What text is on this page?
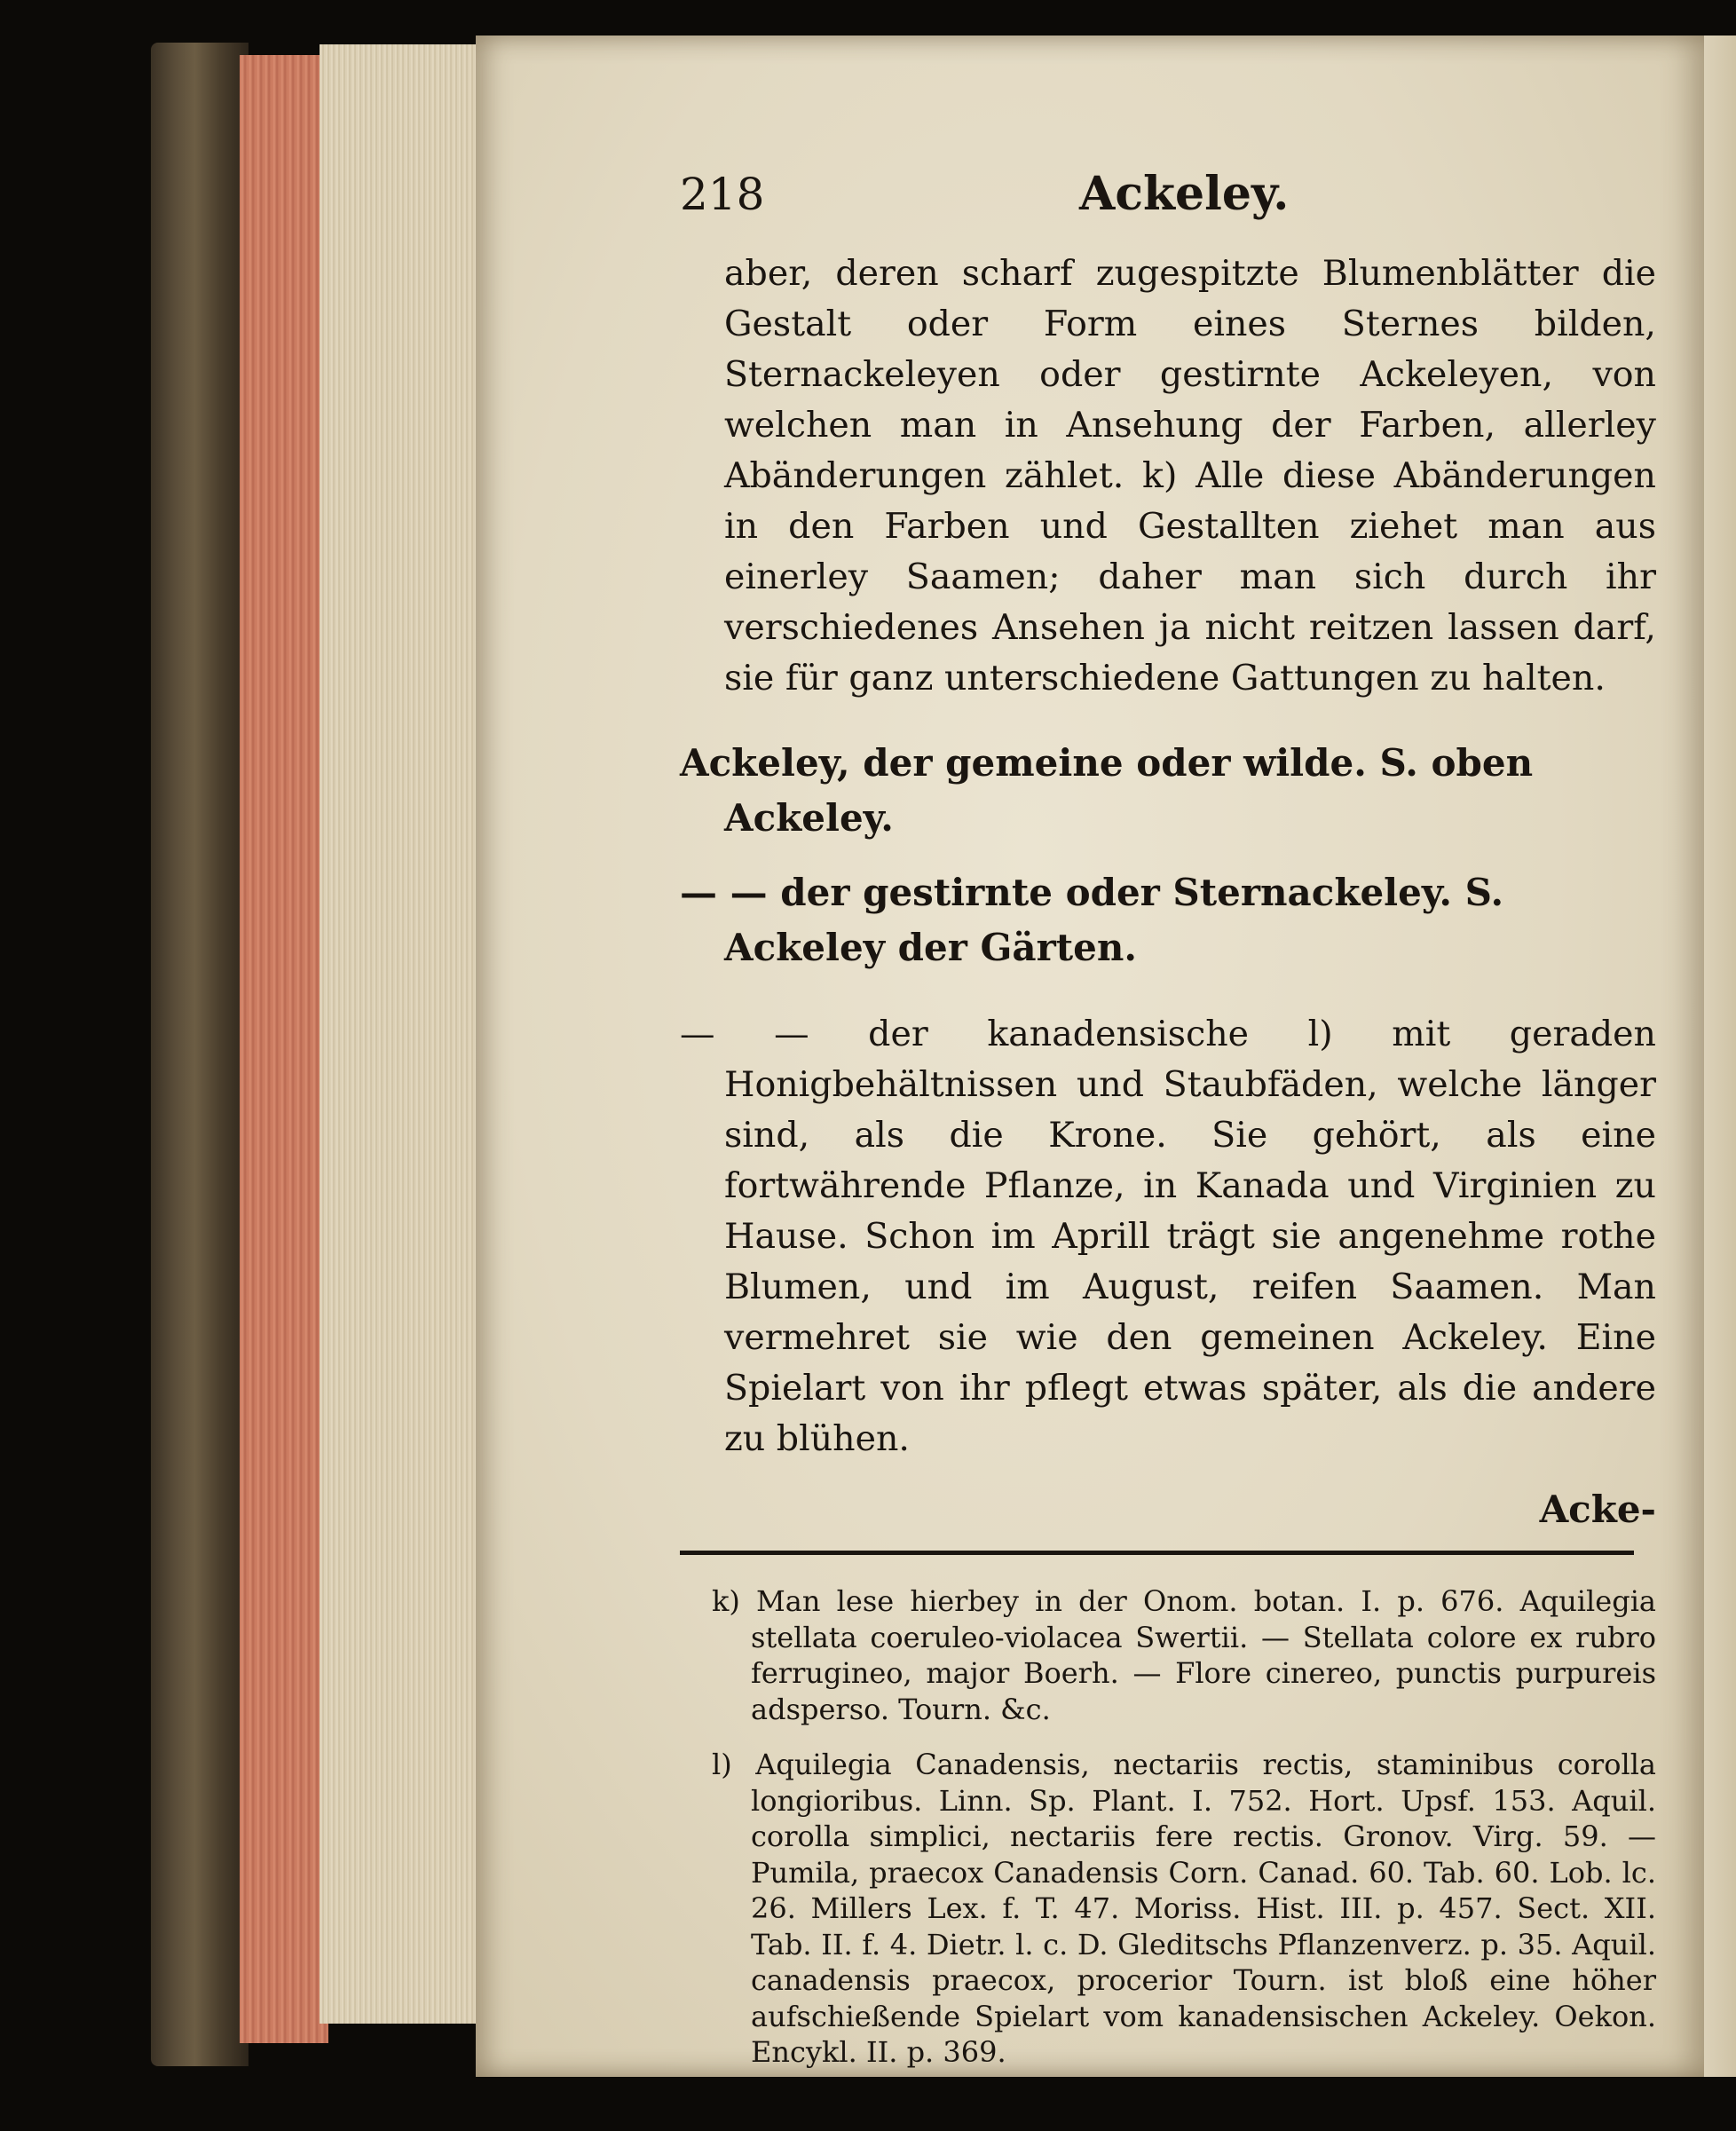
218	Ackeley.

aber, deren scharf zugespitzte Blumenblätter die Gestalt oder Form eines Sternes bilden, Sternackeleyen oder gestirnte Ackeleyen, von welchen man in Ansehung der Farben, allerley Abänderungen zählet. k) Alle diese Abänderungen in den Farben und Gestallten ziehet man aus einerley Saamen; daher man sich durch ihr verschiedenes Ansehen ja nicht reitzen lassen darf, sie für ganz unterschiedene Gattungen zu halten.

Ackeley, der gemeine oder wilde. S. oben Ackeley.

— — der gestirnte oder Sternackeley. S. Ackeley der Gärten.

— — der kanadensische l) mit geraden Honigbehältnissen und Staubfäden, welche länger sind, als die Krone. Sie gehört, als eine fortwährende Pflanze, in Kanada und Virginien zu Hause. Schon im Aprill trägt sie angenehme rothe Blumen, und im August, reifen Saamen. Man vermehret sie wie den gemeinen Ackeley. Eine Spielart von ihr pflegt etwas später, als die andere zu blühen.

Acke-

k) Man lese hierbey in der Onom. botan. I. p. 676. Aquilegia stellata coeruleo-violacea Swertii. — Stellata colore ex rubro ferrugineo, major Boerh. — Flore cinereo, punctis purpureis adsperso. Tourn. &c.

l) Aquilegia Canadensis, nectariis rectis, staminibus corolla longioribus. Linn. Sp. Plant. I. 752. Hort. Upsf. 153. Aquil. corolla simplici, nectariis fere rectis. Gronov. Virg. 59. — Pumila, praecox Canadensis Corn. Canad. 60. Tab. 60. Lob. lc. 26. Millers Lex. f. T. 47. Moriss. Hist. III. p. 457. Sect. XII. Tab. II. f. 4. Dietr. l. c. D. Gleditschs Pflanzenverz. p. 35. Aquil. canadensis praecox, procerior Tourn. ist bloß eine höher aufschießende Spielart vom kanadensischen Ackeley. Oekon. Encykl. II. p. 369.
